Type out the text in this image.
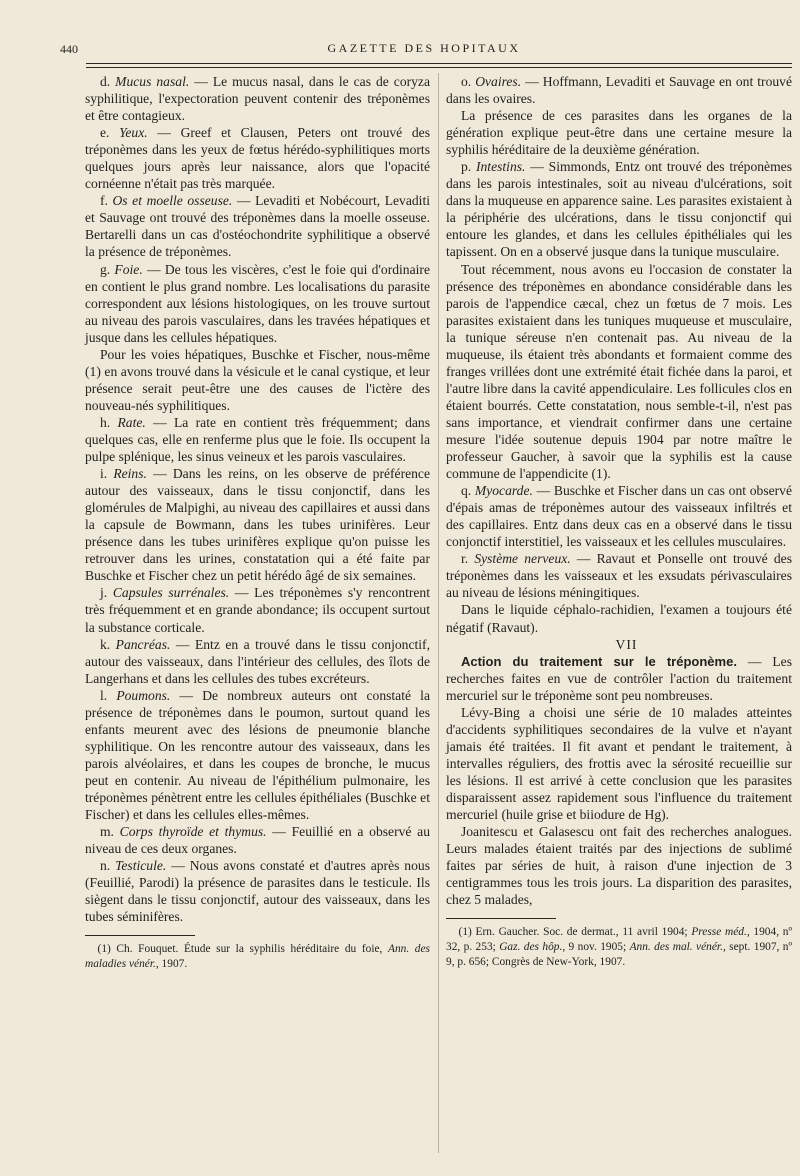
440	GAZETTE DES HOPITAUX

d. Mucus nasal. — Le mucus nasal, dans le cas de coryza syphilitique, l'expectoration peuvent contenir des tréponèmes et être contagieux.

e. Yeux. — Greef et Clausen, Peters ont trouvé des tréponèmes dans les yeux de fœtus hérédo-syphilitiques morts quelques jours après leur naissance, alors que l'opacité cornéenne n'était pas très marquée.

f. Os et moelle osseuse. — Levaditi et Nobécourt, Levaditi et Sauvage ont trouvé des tréponèmes dans la moelle osseuse. Bertarelli dans un cas d'ostéochondrite syphilitique a observé la présence de tréponèmes.

g. Foie. — De tous les viscères, c'est le foie qui d'ordinaire en contient le plus grand nombre. Les localisations du parasite correspondent aux lésions histologiques, on les trouve surtout au niveau des parois vasculaires, dans les travées hépatiques et jusque dans les cellules hépatiques.

Pour les voies hépatiques, Buschke et Fischer, nous-même (1) en avons trouvé dans la vésicule et le canal cystique, et leur présence serait peut-être une des causes de l'ictère des nouveau-nés syphilitiques.

h. Rate. — La rate en contient très fréquemment; dans quelques cas, elle en renferme plus que le foie. Ils occupent la pulpe splénique, les sinus veineux et les parois vasculaires.

i. Reins. — Dans les reins, on les observe de préférence autour des vaisseaux, dans le tissu conjonctif, dans les glomérules de Malpighi, au niveau des capillaires et aussi dans la capsule de Bowmann, dans les tubes urinifères. Leur présence dans les tubes urinifères explique qu'on puisse les retrouver dans les urines, constatation qui a été faite par Buschke et Fischer chez un petit hérédo âgé de six semaines.

j. Capsules surrénales. — Les tréponèmes s'y rencontrent très fréquemment et en grande abondance; ils occupent surtout la substance corticale.

k. Pancréas. — Entz en a trouvé dans le tissu conjonctif, autour des vaisseaux, dans l'intérieur des cellules, des îlots de Langerhans et dans les cellules des tubes excréteurs.

l. Poumons. — De nombreux auteurs ont constaté la présence de tréponèmes dans le poumon, surtout quand les enfants meurent avec des lésions de pneumonie blanche syphilitique. On les rencontre autour des vaisseaux, dans les parois alvéolaires, et dans les coupes de bronche, le mucus peut en contenir. Au niveau de l'épithélium pulmonaire, les tréponèmes pénètrent entre les cellules épithéliales (Buschke et Fischer) et dans les cellules elles-mêmes.

m. Corps thyroïde et thymus. — Feuillié en a observé au niveau de ces deux organes.

n. Testicule. — Nous avons constaté et d'autres après nous (Feuillié, Parodi) la présence de parasites dans le testicule. Ils siègent dans le tissu conjonctif, autour des vaisseaux, dans les tubes séminifères.

(1) Ch. Fouquet. Étude sur la syphilis héréditaire du foie, Ann. des maladies vénér., 1907.

o. Ovaires. — Hoffmann, Levaditi et Sauvage en ont trouvé dans les ovaires.

La présence de ces parasites dans les organes de la génération explique peut-être dans une certaine mesure la syphilis héréditaire de la deuxième génération.

p. Intestins. — Simmonds, Entz ont trouvé des tréponèmes dans les parois intestinales, soit au niveau d'ulcérations, soit dans la muqueuse en apparence saine. Les parasites existaient à la périphérie des ulcérations, dans le tissu conjonctif qui entoure les glandes, et dans les cellules épithéliales qui les tapissent. On en a observé jusque dans la tunique musculaire.

Tout récemment, nous avons eu l'occasion de constater la présence des tréponèmes en abondance considérable dans les parois de l'appendice cæcal, chez un fœtus de 7 mois. Les parasites existaient dans les tuniques muqueuse et musculaire, la tunique séreuse n'en contenait pas. Au niveau de la muqueuse, ils étaient très abondants et formaient comme des franges vrillées dont une extrémité était fichée dans la paroi, et l'autre libre dans la cavité appendiculaire. Les follicules clos en étaient bourrés. Cette constatation, nous semble-t-il, n'est pas sans importance, et viendrait confirmer dans une certaine mesure l'idée soutenue depuis 1904 par notre maître le professeur Gaucher, à savoir que la syphilis est la cause commune de l'appendicite (1).

q. Myocarde. — Buschke et Fischer dans un cas ont observé d'épais amas de tréponèmes autour des vaisseaux infiltrés et des capillaires. Entz dans deux cas en a observé dans le tissu conjonctif interstitiel, les vaisseaux et les cellules musculaires.

r. Système nerveux. — Ravaut et Ponselle ont trouvé des tréponèmes dans les vaisseaux et les exsudats périvasculaires au niveau de lésions méningitiques.

Dans le liquide céphalo-rachidien, l'examen a toujours été négatif (Ravaut).

VII

Action du traitement sur le tréponème. — Les recherches faites en vue de contrôler l'action du traitement mercuriel sur le tréponème sont peu nombreuses.

Lévy-Bing a choisi une série de 10 malades atteintes d'accidents syphilitiques secondaires de la vulve et n'ayant jamais été traitées. Il fit avant et pendant le traitement, à intervalles réguliers, des frottis avec la sérosité recueillie sur les lésions. Il est arrivé à cette conclusion que les parasites disparaissent assez rapidement sous l'influence du traitement mercuriel (huile grise et biiodure de Hg).

Joanitescu et Galasescu ont fait des recherches analogues. Leurs malades étaient traités par des injections de sublimé faites par séries de huit, à raison d'une injection de 3 centigrammes tous les trois jours. La disparition des parasites, chez 5 malades,

(1) Ern. Gaucher. Soc. de dermat., 11 avril 1904; Presse méd., 1904, nº 32, p. 253; Gaz. des hôp., 9 nov. 1905; Ann. des mal. vénér., sept. 1907, nº 9, p. 656; Congrès de New-York, 1907.
